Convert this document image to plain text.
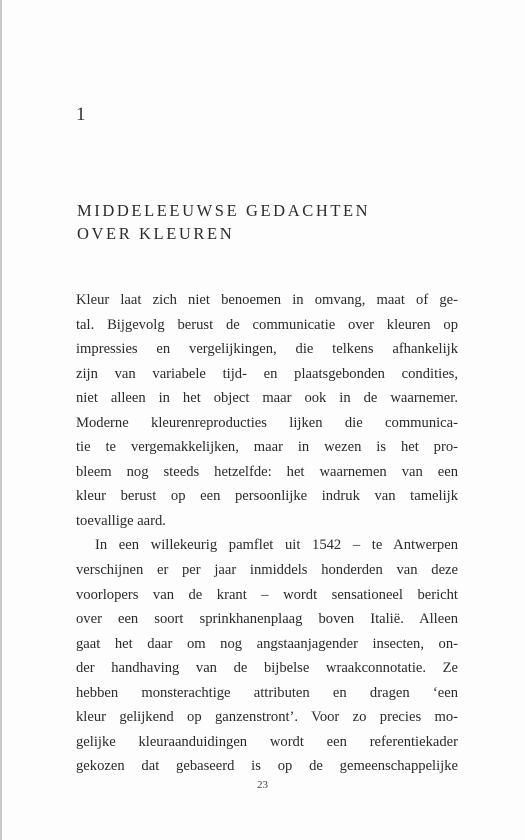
1
MIDDELEEUWSE GEDACHTEN
OVER KLEUREN
Kleur laat zich niet benoemen in omvang, maat of ge-
tal. Bijgevolg berust de communicatie over kleuren op
impressies en vergelijkingen, die telkens afhankelijk
zijn van variabele tijd- en plaatsgebonden condities,
niet alleen in het object maar ook in de waarnemer.
Moderne kleurenreproducties lijken die communica-
tie te vergemakkelijken, maar in wezen is het pro-
bleem nog steeds hetzelfde: het waarnemen van een
kleur berust op een persoonlijke indruk van tamelijk
toevallige aard.
In een willekeurig pamflet uit 1542 – te Antwerpen
verschijnen er per jaar inmiddels honderden van deze
voorlopers van de krant – wordt sensationeel bericht
over een soort sprinkhanenplaag boven Italië. Alleen
gaat het daar om nog angstaanjagender insecten, on-
der handhaving van de bijbelse wraakconnotatie. Ze
hebben monsterachtige attributen en dragen ‘een
kleur gelijkend op ganzenstront’. Voor zo precies mo-
gelijke kleuraanduidingen wordt een referentiekader
gekozen dat gebaseerd is op de gemeenschappelijke
23
